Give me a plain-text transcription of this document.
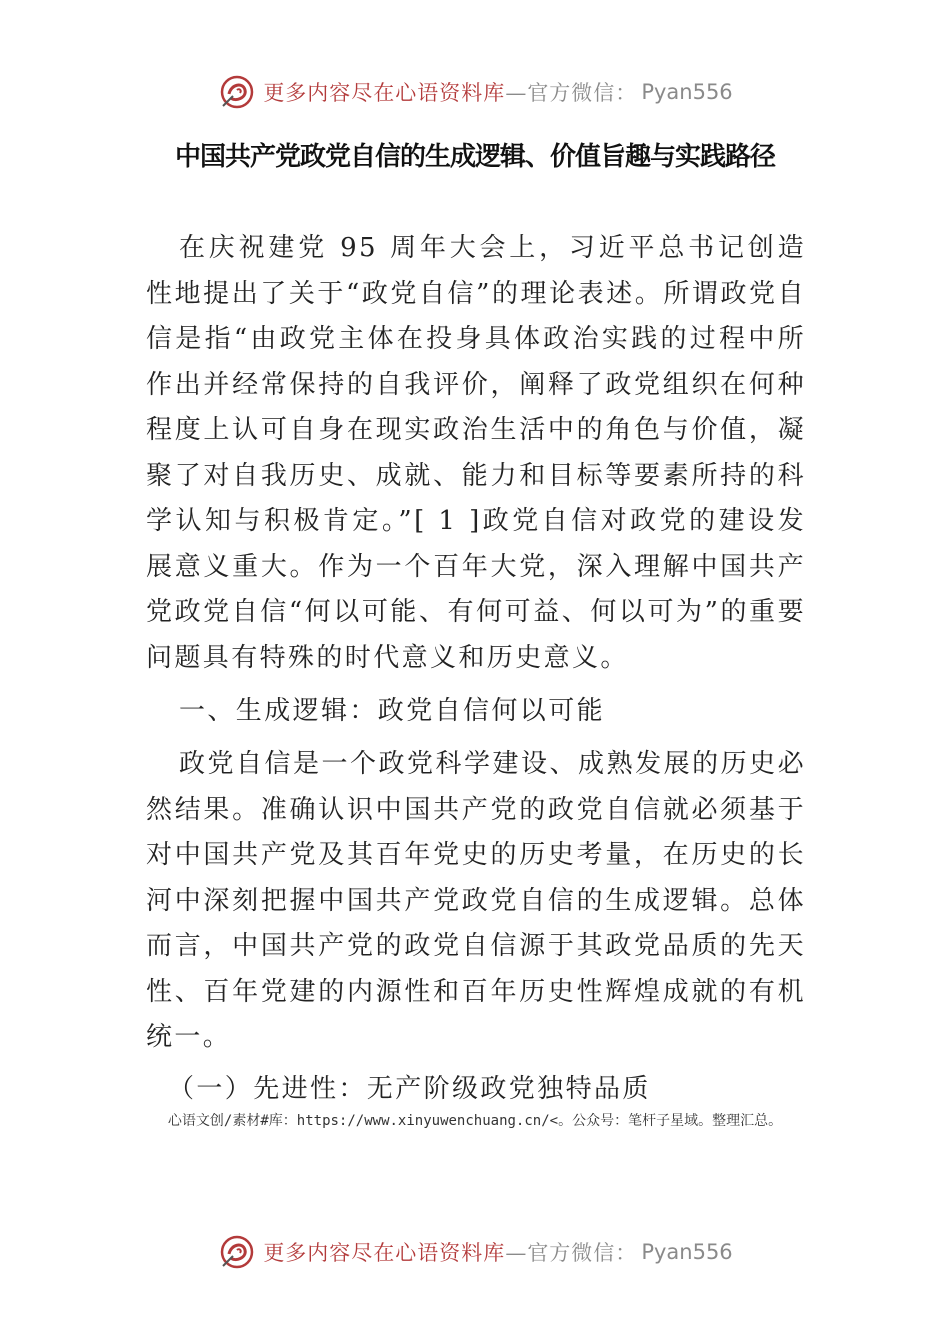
更多内容尽在心语资料库 —官方微信： Pyan556
中国共产党政党自信的生成逻辑、价值旨趣与实践路径

在庆祝建党 95 周年大会上，习近平总书记创造性地提出了关于“政党自信”的理论表述。所谓政党自信是指“由政党主体在投身具体政治实践的过程中所作出并经常保持的自我评价，阐释了政党组织在何种程度上认可自身在现实政治生活中的角色与价值，凝聚了对自我历史、成就、能力和目标等要素所持的科学认知与积极肯定。”[ 1 ]政党自信对政党的建设发展意义重大。作为一个百年大党，深入理解中国共产党政党自信“何以可能、有何可益、何以可为”的重要问题具有特殊的时代意义和历史意义。

一、生成逻辑：政党自信何以可能

政党自信是一个政党科学建设、成熟发展的历史必然结果。准确认识中国共产党的政党自信就必须基于对中国共产党及其百年党史的历史考量，在历史的长河中深刻把握中国共产党政党自信的生成逻辑。总体而言，中国共产党的政党自信源于其政党品质的先天性、百年党建的内源性和百年历史性辉煌成就的有机统一。

（一）先进性：无产阶级政党独特品质

心语文创/素材#库：https://www.xinyuwenchuang.cn/<。公众号：笔杆子星域。整理汇总。
更多内容尽在心语资料库 —官方微信： Pyan556
